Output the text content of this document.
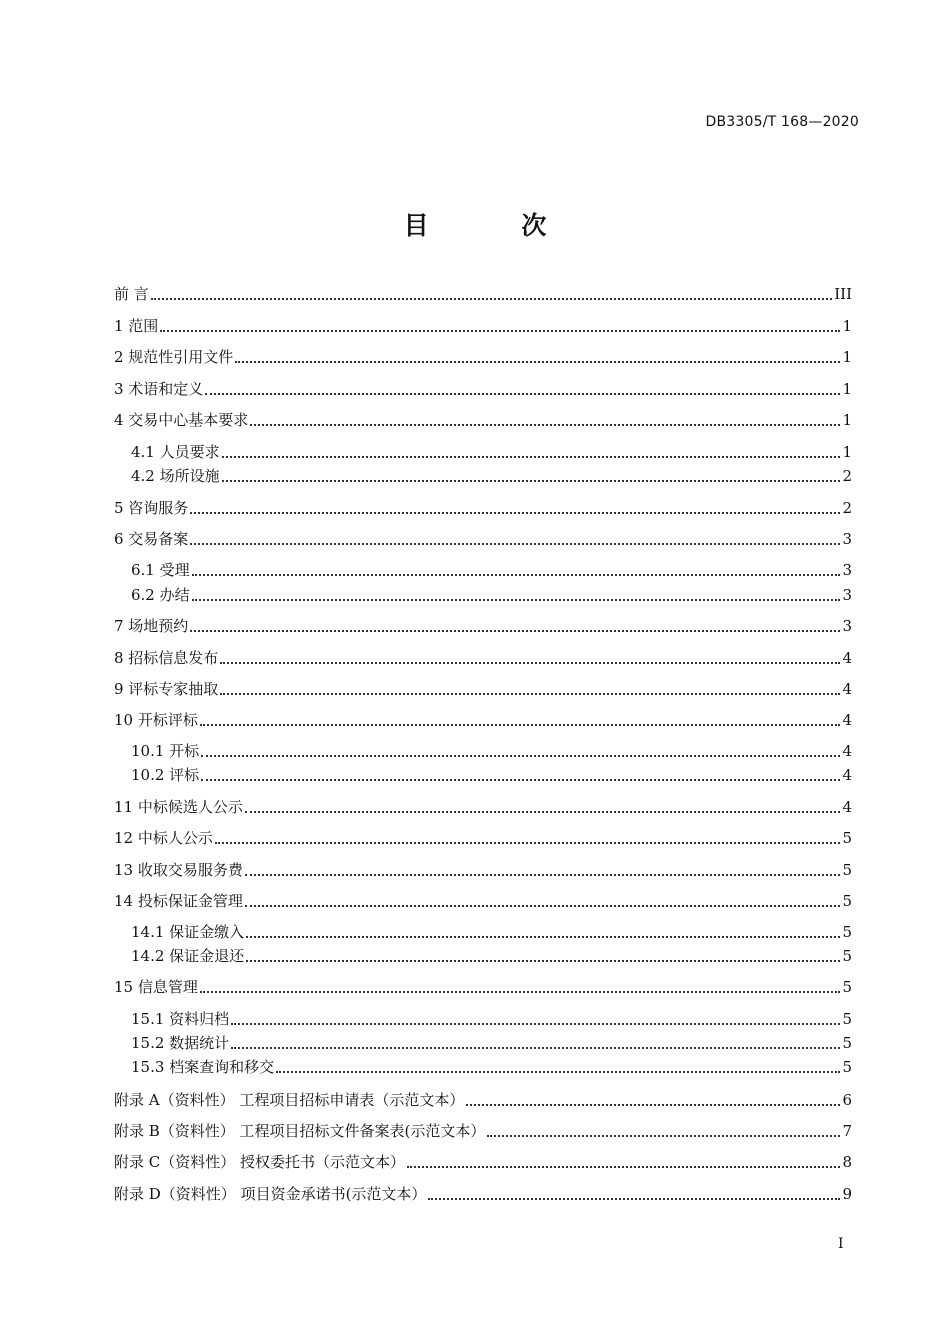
DB3305/T 168—2020
目 次
前 言	III
1 范围	1
2 规范性引用文件	1
3 术语和定义	1
4 交易中心基本要求	1
4.1 人员要求	1
4.2 场所设施	2
5 咨询服务	2
6 交易备案	3
6.1 受理	3
6.2 办结	3
7 场地预约	3
8 招标信息发布	4
9 评标专家抽取	4
10 开标评标	4
10.1 开标	4
10.2 评标	4
11 中标候选人公示	4
12 中标人公示	5
13 收取交易服务费	5
14 投标保证金管理	5
14.1 保证金缴入	5
14.2 保证金退还	5
15 信息管理	5
15.1 资料归档	5
15.2 数据统计	5
15.3 档案查询和移交	5
附录 A（资料性） 工程项目招标申请表（示范文本）	6
附录 B（资料性） 工程项目招标文件备案表(示范文本）	7
附录 C（资料性） 授权委托书（示范文本）	8
附录 D（资料性） 项目资金承诺书(示范文本）	9
I
